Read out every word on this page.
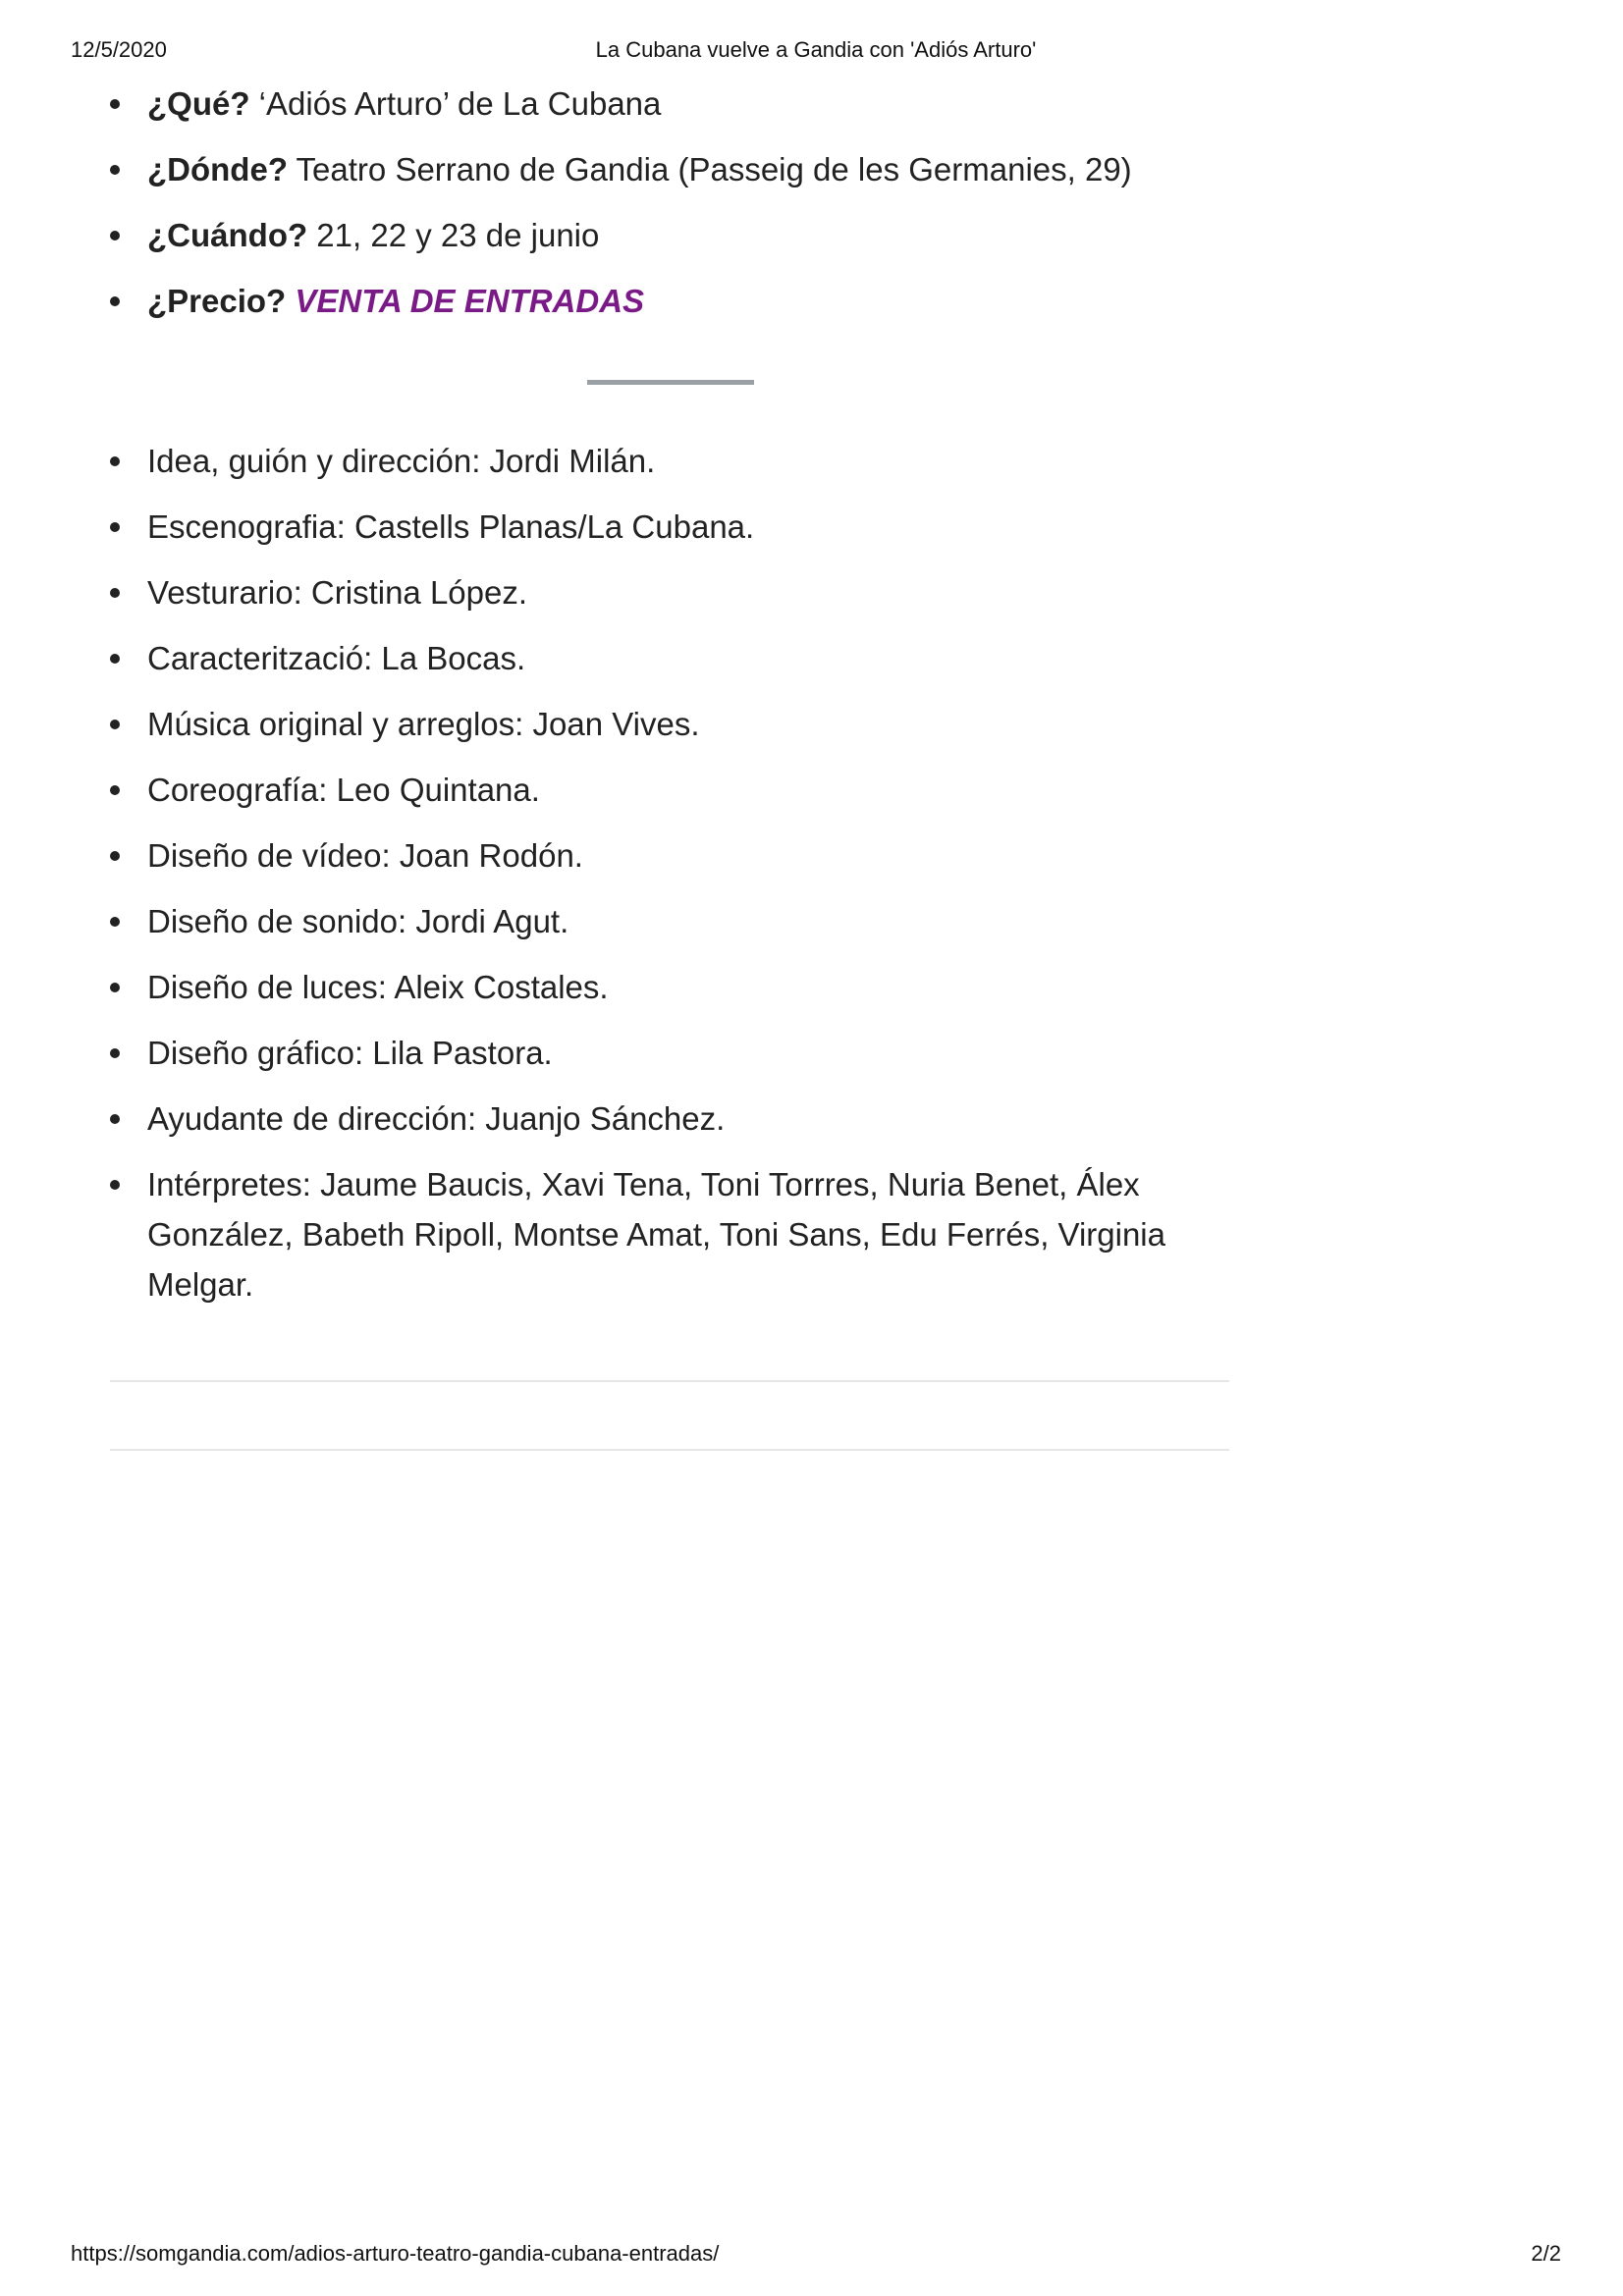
12/5/2020	La Cubana vuelve a Gandia con 'Adiós Arturo'
¿Qué? ‘Adiós Arturo’ de La Cubana
¿Dónde? Teatro Serrano de Gandia (Passeig de les Germanies, 29)
¿Cuándo? 21, 22 y 23 de junio
¿Precio? VENTA DE ENTRADAS
Idea, guión y dirección: Jordi Milán.
Escenografia: Castells Planas/La Cubana.
Vesturario: Cristina López.
Caracterització: La Bocas.
Música original y arreglos: Joan Vives.
Coreografía: Leo Quintana.
Diseño de vídeo: Joan Rodón.
Diseño de sonido: Jordi Agut.
Diseño de luces: Aleix Costales.
Diseño gráfico: Lila Pastora.
Ayudante de dirección: Juanjo Sánchez.
Intérpretes: Jaume Baucis, Xavi Tena, Toni Torrres, Nuria Benet, Álex González, Babeth Ripoll, Montse Amat, Toni Sans, Edu Ferrés, Virginia Melgar.
https://somgandia.com/adios-arturo-teatro-gandia-cubana-entradas/	2/2
